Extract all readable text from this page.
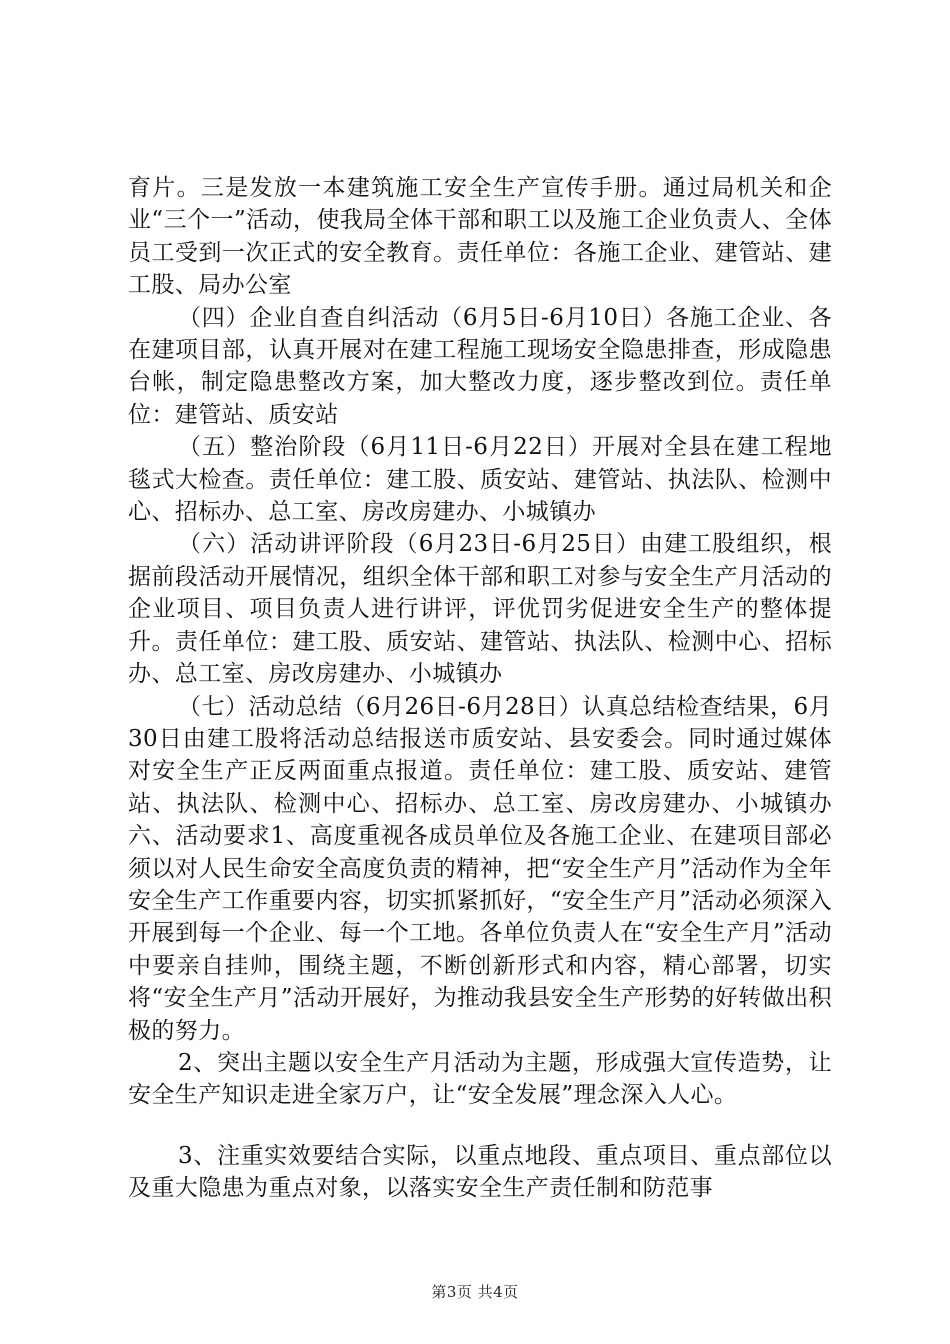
育片。三是发放一本建筑施工安全生产宣传手册。通过局机关和企业“三个一”活动，使我局全体干部和职工以及施工企业负责人、全体员工受到一次正式的安全教育。责任单位：各施工企业、建管站、建工股、局办公室

（四）企业自查自纠活动（6月5日-6月10日）各施工企业、各在建项目部，认真开展对在建工程施工现场安全隐患排查，形成隐患台帐，制定隐患整改方案，加大整改力度，逐步整改到位。责任单位：建管站、质安站

（五）整治阶段（6月11日-6月22日）开展对全县在建工程地毯式大检查。责任单位：建工股、质安站、建管站、执法队、检测中心、招标办、总工室、房改房建办、小城镇办

（六）活动讲评阶段（6月23日-6月25日）由建工股组织，根据前段活动开展情况，组织全体干部和职工对参与安全生产月活动的企业项目、项目负责人进行讲评，评优罚劣促进安全生产的整体提升。责任单位：建工股、质安站、建管站、执法队、检测中心、招标办、总工室、房改房建办、小城镇办

（七）活动总结（6月26日-6月28日）认真总结检查结果，6月30日由建工股将活动总结报送市质安站、县安委会。同时通过媒体对安全生产正反两面重点报道。责任单位：建工股、质安站、建管站、执法队、检测中心、招标办、总工室、房改房建办、小城镇办六、活动要求1、高度重视各成员单位及各施工企业、在建项目部必须以对人民生命安全高度负责的精神，把“安全生产月”活动作为全年安全生产工作重要内容，切实抓紧抓好，“安全生产月”活动必须深入开展到每一个企业、每一个工地。各单位负责人在“安全生产月”活动中要亲自挂帅，围绕主题，不断创新形式和内容，精心部署，切实将“安全生产月”活动开展好，为推动我县安全生产形势的好转做出积极的努力。

2、突出主题以安全生产月活动为主题，形成强大宣传造势，让安全生产知识走进全家万户，让“安全发展”理念深入人心。

3、注重实效要结合实际，以重点地段、重点项目、重点部位以及重大隐患为重点对象，以落实安全生产责任制和防范事

第3页 共4页
